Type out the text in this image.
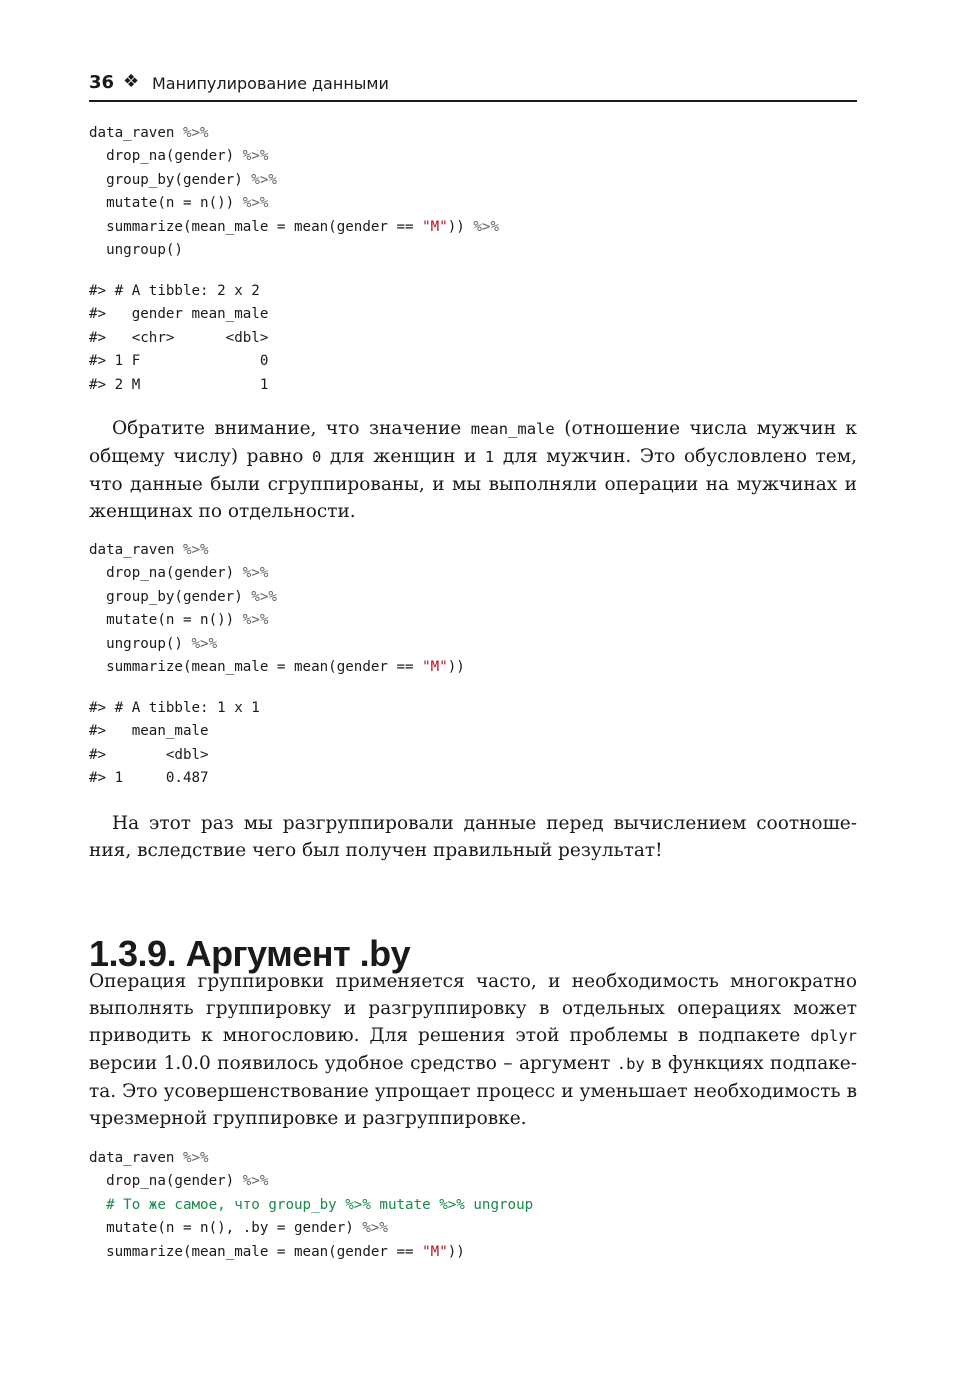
36 ❖ Манипулирование данными
data_raven %>%
drop_na(gender) %>%
group_by(gender) %>%
mutate(n = n()) %>%
summarize(mean_male = mean(gender == "M")) %>%
ungroup()
#> # A tibble: 2 x 2
#>   gender mean_male
#>   <chr>      <dbl>
#> 1 F              0
#> 2 M              1

Обратите внимание, что значение mean_male (отношение числа мужчин к общему числу) равно 0 для женщин и 1 для мужчин. Это обусловлено тем, что данные были сгруппированы, и мы выполняли операции на мужчинах и женщинах по отдельности.

data_raven %>%
drop_na(gender) %>%
group_by(gender) %>%
mutate(n = n()) %>%
ungroup() %>%
summarize(mean_male = mean(gender == "M"))
#> # A tibble: 1 x 1
#>   mean_male
#>       <dbl>
#> 1     0.487

На этот раз мы разгруппировали данные перед вычислением соотношения, вследствие чего был получен правильный результат!

1.3.9. Аргумент .by

Операция группировки применяется часто, и необходимость многократно выполнять группировку и разгруппировку в отдельных операциях может приводить к многословию. Для решения этой проблемы в подпакете dplyr версии 1.0.0 появилось удобное средство – аргумент .by в функциях подпакета. Это усовершенствование упрощает процесс и уменьшает необходимость в чрезмерной группировке и разгруппировке.

data_raven %>%
drop_na(gender) %>%
# То же самое, что group_by %>% mutate %>% ungroup
mutate(n = n(), .by = gender) %>%
summarize(mean_male = mean(gender == "M"))
